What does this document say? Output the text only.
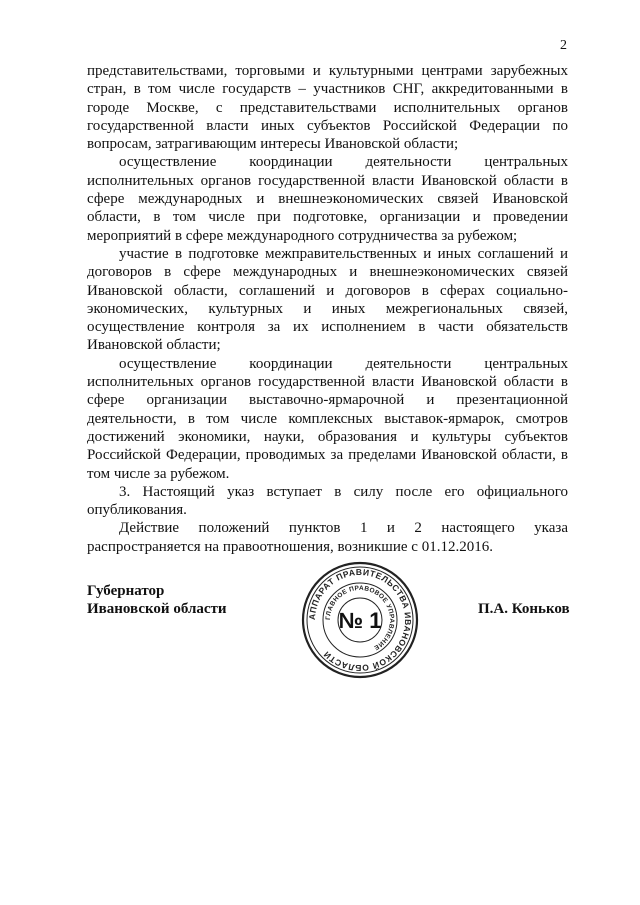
2

представительствами, торговыми и культурными центрами зарубежных стран, в том числе государств – участников СНГ, аккредитованными в городе Москве, с представительствами исполнительных органов государственной власти иных субъектов Российской Федерации по вопросам, затрагивающим интересы Ивановской области;

осуществление координации деятельности центральных исполнительных органов государственной власти Ивановской области в сфере международных и внешнеэкономических связей Ивановской области, в том числе при подготовке, организации и проведении мероприятий в сфере международного сотрудничества за рубежом;

участие в подготовке межправительственных и иных соглашений и договоров в сфере международных и внешнеэкономических связей Ивановской области, соглашений и договоров в сферах социально-экономических, культурных и иных межрегиональных связей, осуществление контроля за их исполнением в части обязательств Ивановской области;

осуществление координации деятельности центральных исполнительных органов государственной власти Ивановской области в сфере организации выставочно-ярмарочной и презентационной деятельности, в том числе комплексных выставок-ярмарок, смотров достижений экономики, науки, образования и культуры субъектов Российской Федерации, проводимых за пределами Ивановской области, в том числе за рубежом.

3. Настоящий указ вступает в силу после его официального опубликования.

Действие положений пунктов 1 и 2 настоящего указа распространяется на правоотношения, возникшие с 01.12.2016.

Губернатор
Ивановской области	АППАРАТ ПРАВИТЕЛЬСТВА ИВАНОВСКОЙ ОБЛАСТИ
ГЛАВНОЕ ПРАВОВОЕ УПРАВЛЕНИЕ
№ 1	П.А. Коньков
